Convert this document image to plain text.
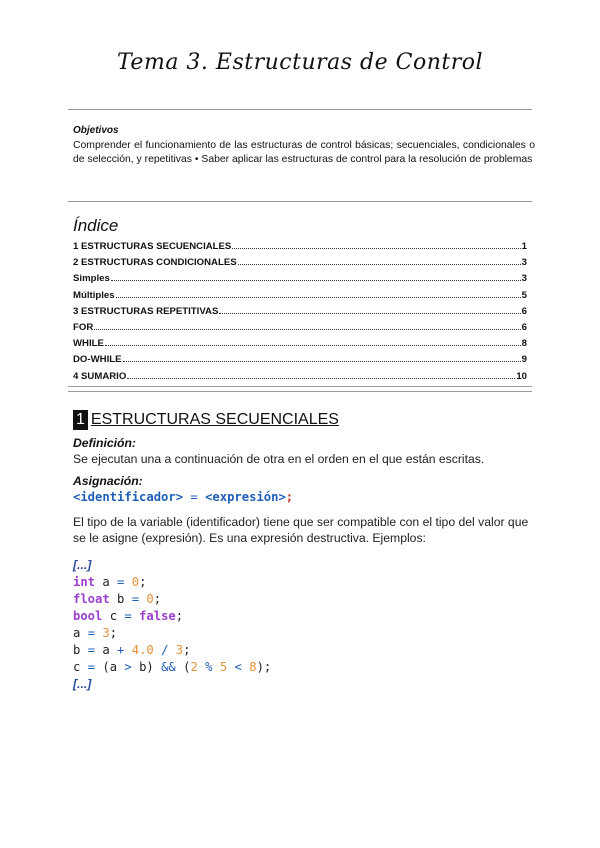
Tema 3. Estructuras de Control

Objetivos

Comprender el funcionamiento de las estructuras de control básicas; secuenciales, condicionales o de selección, y repetitivas • Saber aplicar las estructuras de control para la resolución de problemas

Índice

1 ESTRUCTURAS SECUENCIALES	1
2 ESTRUCTURAS CONDICIONALES	3
Simples	3
Múltiples	5
3 ESTRUCTURAS REPETITIVAS	6
FOR	6
WHILE	8
DO-WHILE	9
4 SUMARIO	10
1 ESTRUCTURAS SECUENCIALES

Definición:

Se ejecutan una a continuación de otra en el orden en el que están escritas.

Asignación:

<identificador> = <expresión>;

El tipo de la variable (identificador) tiene que ser compatible con el tipo del valor que se le asigne (expresión). Es una expresión destructiva. Ejemplos:

[...]
int a = 0;
float b = 0;
bool c = false;
a = 3;
b = a + 4.0 / 3;
c = (a > b) && (2 % 5 < 8);
[...]
